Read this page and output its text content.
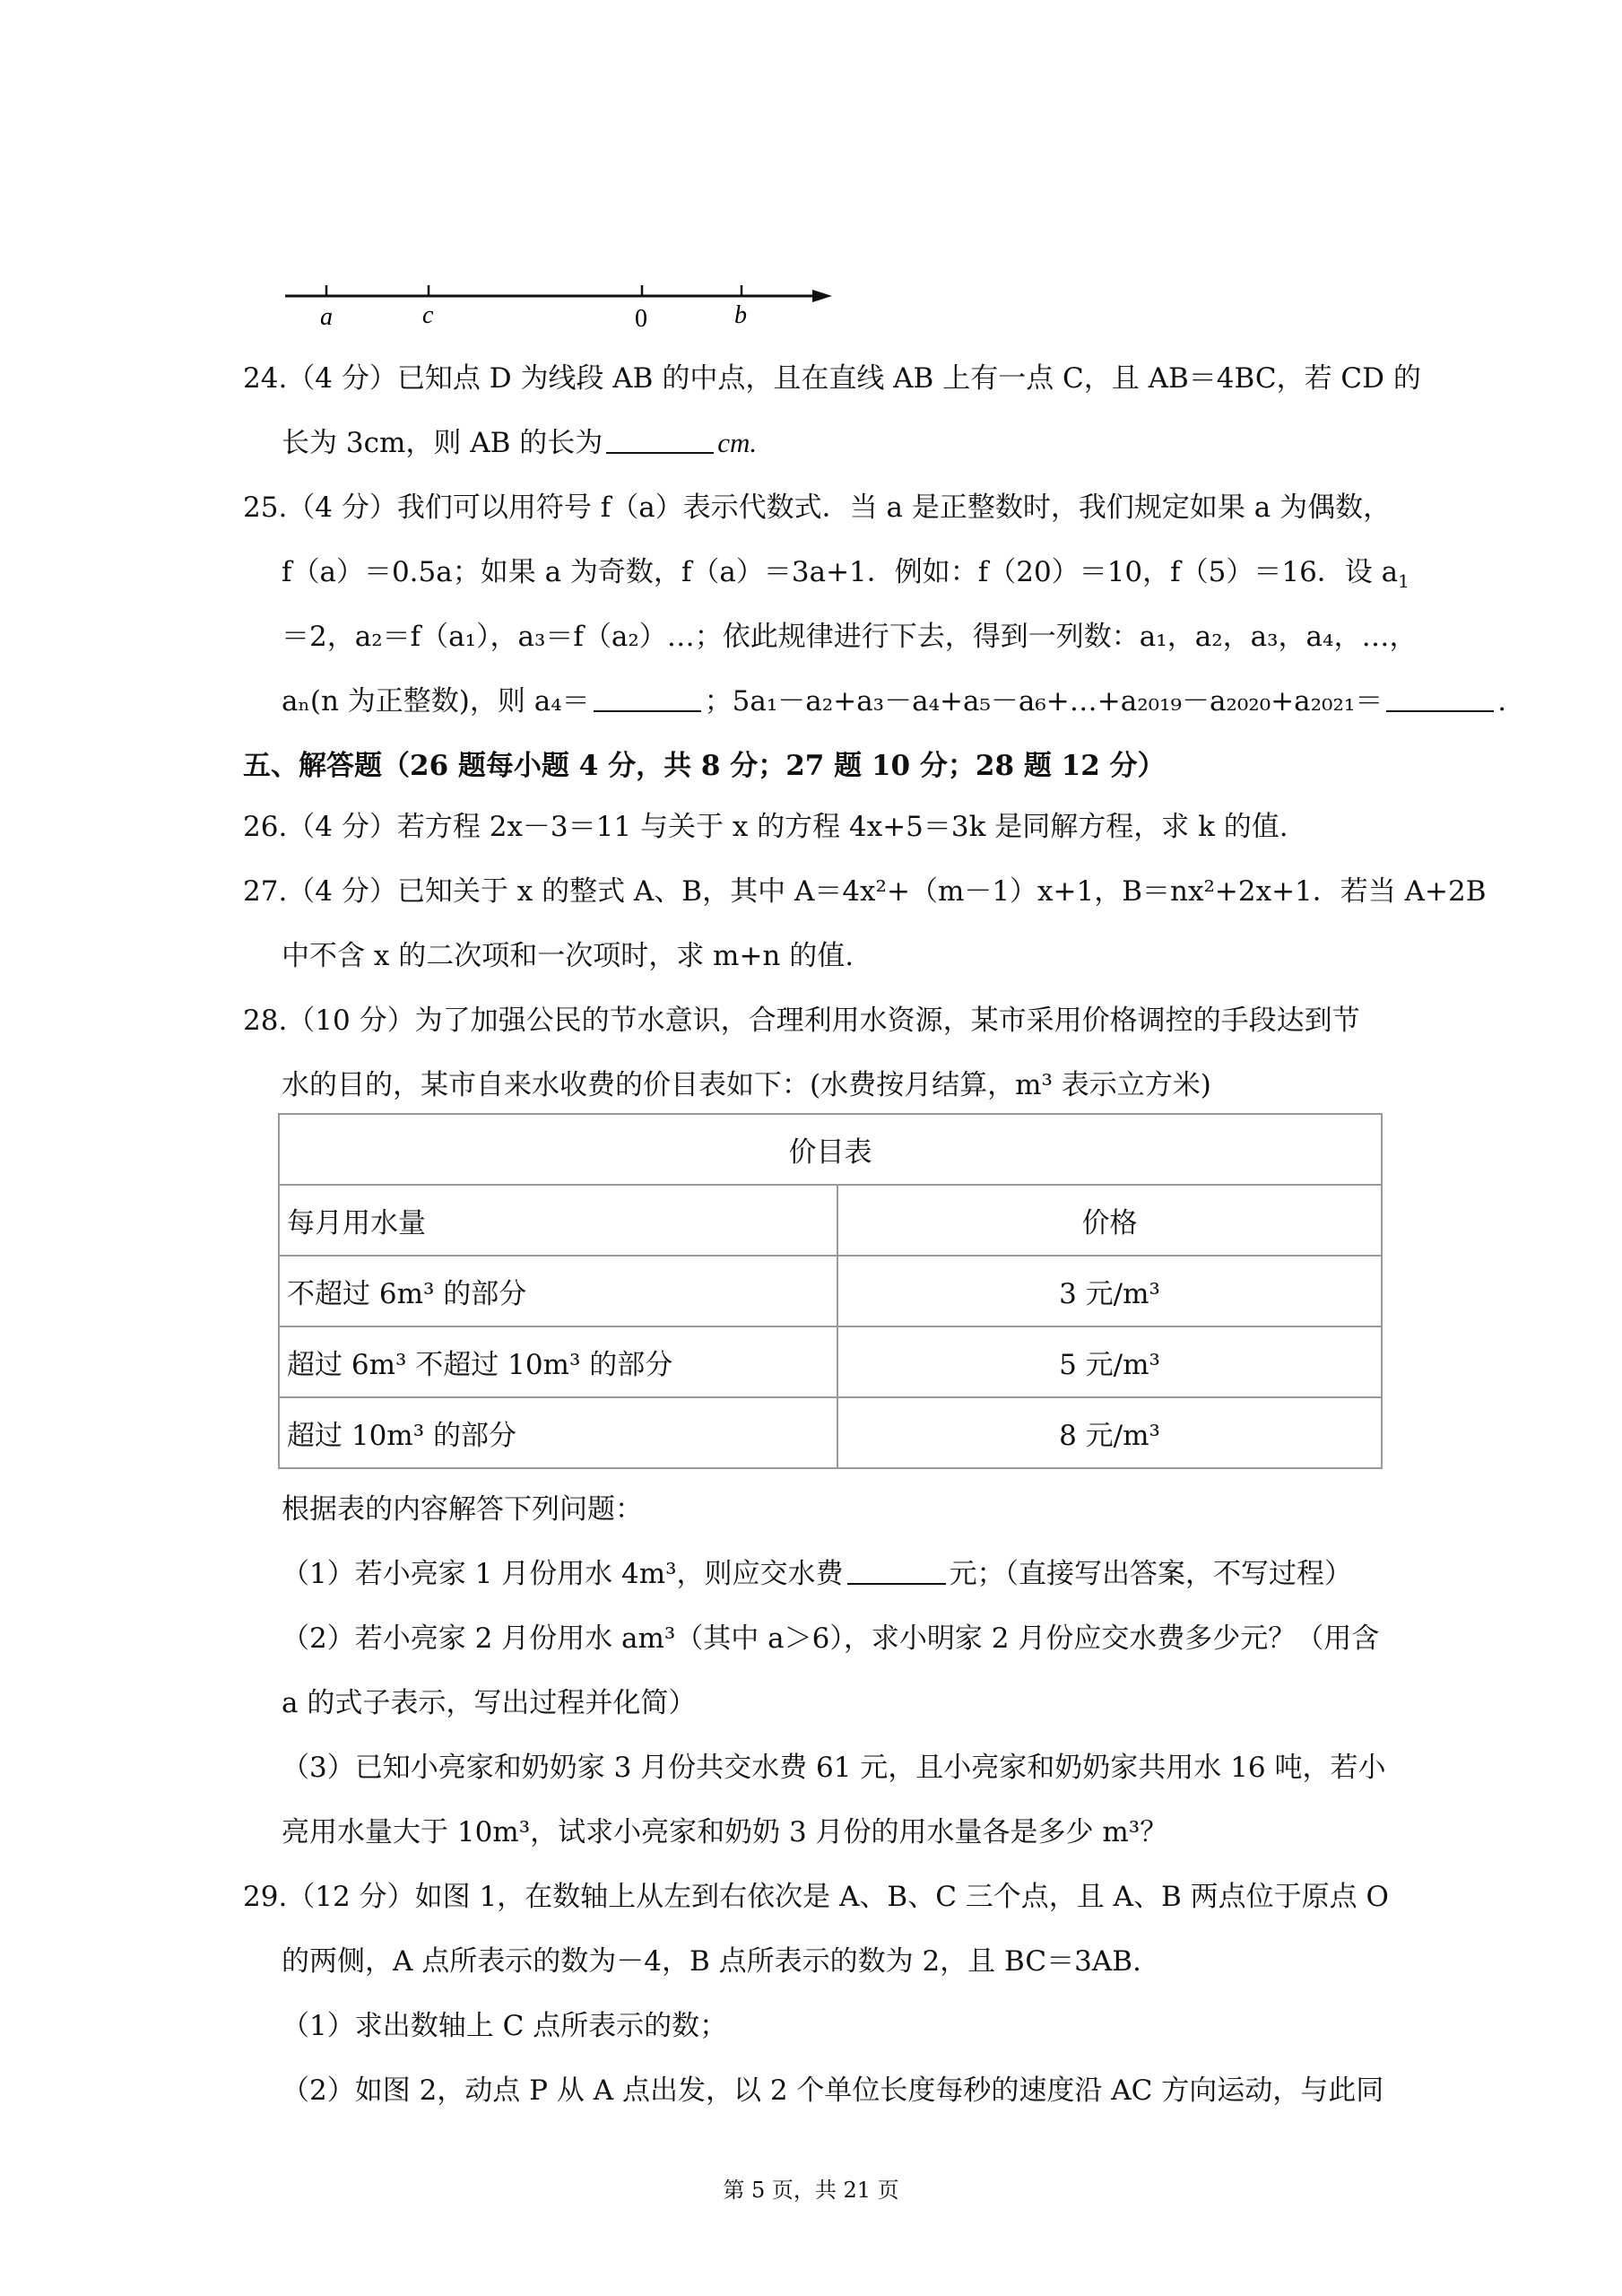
a	c	0	b
24.（4 分）已知点 D 为线段 AB 的中点，且在直线 AB 上有一点 C，且 AB＝4BC，若 CD 的
长为 3cm，则 AB 的长为	cm.
25.（4 分）我们可以用符号 f（a）表示代数式．当 a 是正整数时，我们规定如果 a 为偶数，
f（a）＝0.5a；如果 a 为奇数，f（a）＝3a+1．例如：f（20）＝10，f（5）＝16．设 $a_1$
＝2，a₂＝f（a₁），a₃＝f（a₂）…；依此规律进行下去，得到一列数：a₁，a₂，a₃，a₄，…，
aₙ(n 为正整数)，则 a₄＝	；5a₁－a₂+a₃－a₄+a₅－a₆+…+a₂₀₁₉－a₂₀₂₀+a₂₀₂₁＝	.
五、解答题（26 题每小题 4 分，共 8 分；27 题 10 分；28 题 12 分）
26.（4 分）若方程 2x－3＝11 与关于 x 的方程 4x+5＝3k 是同解方程，求 k 的值.
27.（4 分）已知关于 x 的整式 A、B，其中 A＝4x²+（m－1）x+1，B＝nx²+2x+1．若当 A+2B
中不含 x 的二次项和一次项时，求 m+n 的值.
28.（10 分）为了加强公民的节水意识，合理利用水资源，某市采用价格调控的手段达到节
水的目的，某市自来水收费的价目表如下：(水费按月结算，m³ 表示立方米)
价目表	
每月用水量	价格
不超过 6m³ 的部分	3 元/m³
超过 6m³ 不超过 10m³ 的部分	5 元/m³
超过 10m³ 的部分	8 元/m³
根据表的内容解答下列问题：
（1）若小亮家 1 月份用水 4m³，则应交水费	元；（直接写出答案，不写过程）
（2）若小亮家 2 月份用水 am³（其中 a＞6），求小明家 2 月份应交水费多少元？（用含
a 的式子表示，写出过程并化简）
（3）已知小亮家和奶奶家 3 月份共交水费 61 元，且小亮家和奶奶家共用水 16 吨，若小
亮用水量大于 10m³，试求小亮家和奶奶 3 月份的用水量各是多少 m³？
29.（12 分）如图 1，在数轴上从左到右依次是 A、B、C 三个点，且 A、B 两点位于原点 O
的两侧，A 点所表示的数为－4，B 点所表示的数为 2，且 BC＝3AB.
（1）求出数轴上 C 点所表示的数；
（2）如图 2，动点 P 从 A 点出发，以 2 个单位长度每秒的速度沿 AC 方向运动，与此同
第 5 页，共 21 页
